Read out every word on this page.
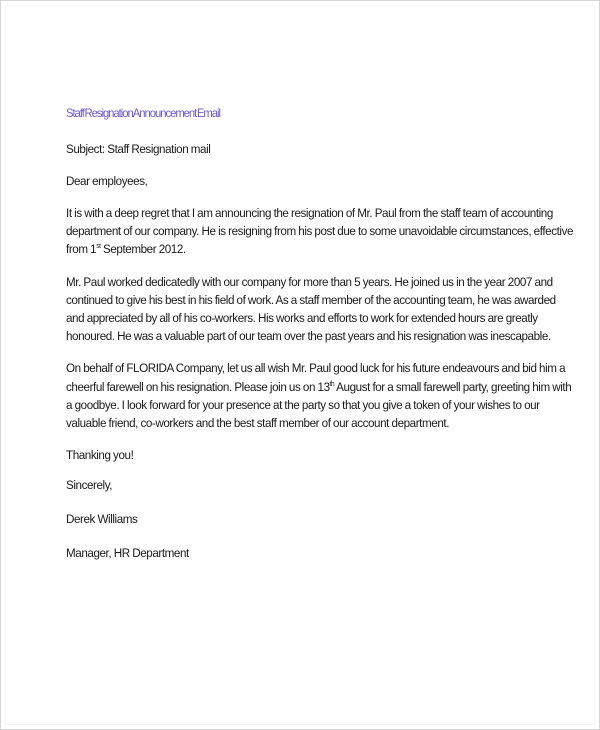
Staff Resignation Announcement Email
Subject: Staff Resignation mail
Dear employees,
It is with a deep regret that I am announcing the resignation of Mr. Paul from the staff team of accounting
department of our company. He is resigning from his post due to some unavoidable circumstances, effective
from 1st September 2012.
Mr. Paul worked dedicatedly with our company for more than 5 years. He joined us in the year 2007 and
continued to give his best in his field of work. As a staff member of the accounting team, he was awarded
and appreciated by all of his co-workers. His works and efforts to work for extended hours are greatly
honoured. He was a valuable part of our team over the past years and his resignation was inescapable.
On behalf of FLORIDA Company, let us all wish Mr. Paul good luck for his future endeavours and bid him a
cheerful farewell on his resignation. Please join us on 13th August for a small farewell party, greeting him with
a goodbye. I look forward for your presence at the party so that you give a token of your wishes to our
valuable friend, co-workers and the best staff member of our account department.
Thanking you!
Sincerely,
Derek Williams
Manager, HR Department
